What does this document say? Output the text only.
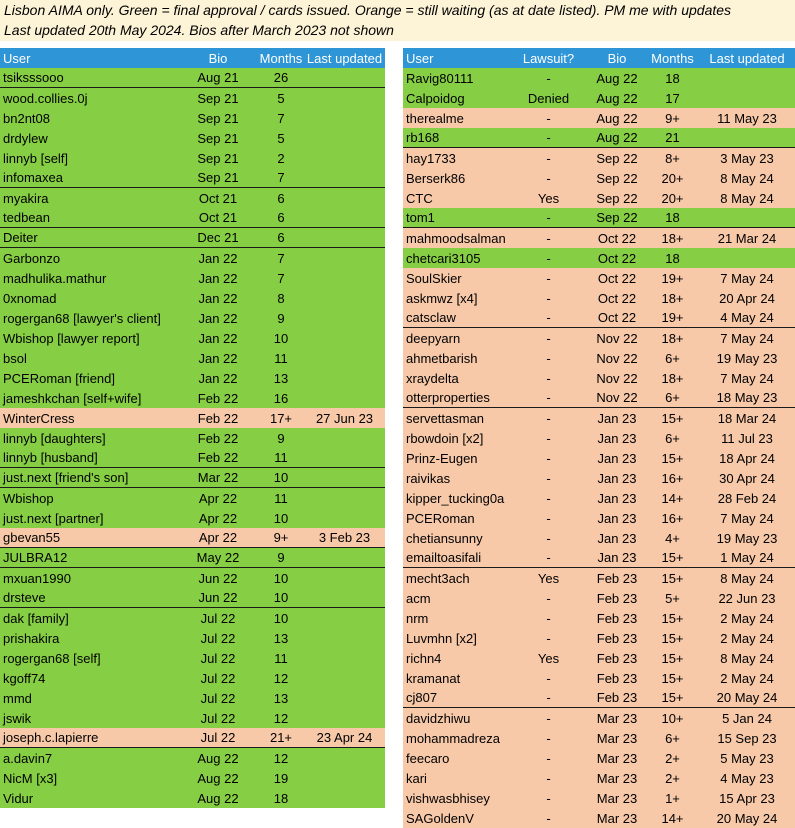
Lisbon AIMA only. Green = final approval / cards issued. Orange = still waiting (as at date listed). PM me with updates
Last updated 20th May 2024. Bios after March 2023 not shown
User	Bio	Months Last updated
tsiksssooo	Aug 21	26
wood.collies.0j	Sep 21	5
bn2nt08	Sep 21	7
drdylew	Sep 21	5
linnyb [self]	Sep 21	2
infomaxea	Sep 21	7
myakira	Oct 21	6
tedbean	Oct 21	6
Deiter	Dec 21	6
Garbonzo	Jan 22	7
madhulika.mathur	Jan 22	7
0xnomad	Jan 22	8
rogergan68 [lawyer's client]	Jan 22	9
Wbishop [lawyer report]	Jan 22	10
bsol	Jan 22	11
PCERoman [friend]	Jan 22	13
jameshkchan [self+wife]	Feb 22	16
WinterCress	Feb 22	17+	27 Jun 23
linnyb [daughters]	Feb 22	9
linnyb [husband]	Feb 22	11
just.next [friend's son]	Mar 22	10
Wbishop	Apr 22	11
just.next [partner]	Apr 22	10
gbevan55	Apr 22	9+	3 Feb 23
JULBRA12	May 22	9
mxuan1990	Jun 22	10
drsteve	Jun 22	10
dak [family]	Jul 22	10
prishakira	Jul 22	13
rogergan68 [self]	Jul 22	11
kgoff74	Jul 22	12
mmd	Jul 22	13
jswik	Jul 22	12
joseph.c.lapierre	Jul 22	21+	23 Apr 24
a.davin7	Aug 22	12
NicM [x3]	Aug 22	19
Vidur	Aug 22	18
User	Lawsuit?	Bio	Months	Last updated
Ravig80111	-	Aug 22	18
Calpoidog	Denied	Aug 22	17
therealme	-	Aug 22	9+	11 May 23
rb168	-	Aug 22	21
hay1733	-	Sep 22	8+	3 May 23
Berserk86	-	Sep 22	20+	8 May 24
CTC	Yes	Sep 22	20+	8 May 24
tom1	-	Sep 22	18
mahmoodsalman	-	Oct 22	18+	21 Mar 24
chetcari3105	-	Oct 22	18
SoulSkier	-	Oct 22	19+	7 May 24
askmwz [x4]	-	Oct 22	18+	20 Apr 24
catsclaw	-	Oct 22	19+	4 May 24
deepyarn	-	Nov 22	18+	7 May 24
ahmetbarish	-	Nov 22	6+	19 May 23
xraydelta	-	Nov 22	18+	7 May 24
otterproperties	-	Nov 22	6+	18 May 23
servettasman	-	Jan 23	15+	18 Mar 24
rbowdoin [x2]	-	Jan 23	6+	11 Jul 23
Prinz-Eugen	-	Jan 23	15+	18 Apr 24
raivikas	-	Jan 23	16+	30 Apr 24
kipper_tucking0a	-	Jan 23	14+	28 Feb 24
PCERoman	-	Jan 23	16+	7 May 24
chetiansunny	-	Jan 23	4+	19 May 23
emailtoasifali	-	Jan 23	15+	1 May 24
mecht3ach	Yes	Feb 23	15+	8 May 24
acm	-	Feb 23	5+	22 Jun 23
nrm	-	Feb 23	15+	2 May 24
Luvmhn [x2]	-	Feb 23	15+	2 May 24
richn4	Yes	Feb 23	15+	8 May 24
kramanat	-	Feb 23	15+	2 May 24
cj807	-	Feb 23	15+	20 May 24
davidzhiwu	-	Mar 23	10+	5 Jan 24
mohammadreza	-	Mar 23	6+	15 Sep 23
feecaro	-	Mar 23	2+	5 May 23
kari	-	Mar 23	2+	4 May 23
vishwasbhisey	-	Mar 23	1+	15 Apr 23
SAGoldenV	-	Mar 23	14+	20 May 24
